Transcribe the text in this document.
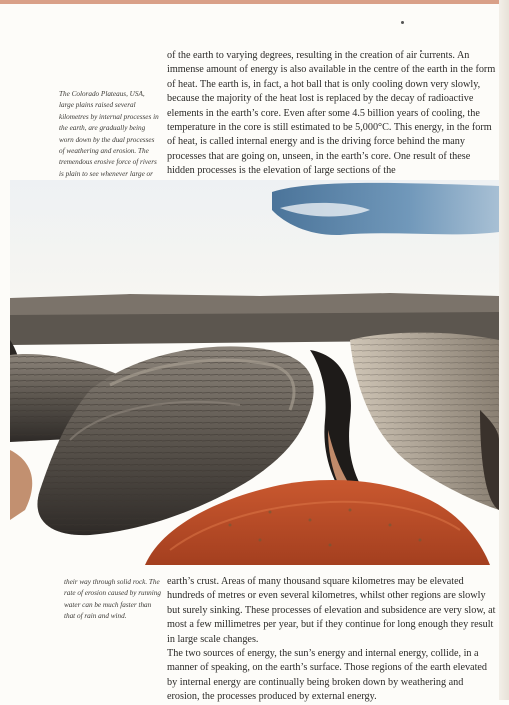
The Colorado Plateaus, USA, large plains raised several kilometres by internal processes in the earth, are gradually being worn down by the dual processes of weathering and erosion. The tremendous erosive force of rivers is plain to see whenever large or

of the earth to varying degrees, resulting in the creation of air currents. An immense amount of energy is also available in the centre of the earth in the form of heat. The earth is, in fact, a hot ball that is only cooling down very slowly, because the majority of the heat lost is replaced by the decay of radioactive elements in the earth’s core. Even after some 4.5 billion years of cooling, the temperature in the core is still estimated to be 5,000°C. This energy, in the form of heat, is called internal energy and is the driving force behind the many processes that are going on, unseen, in the earth’s core. One result of these hidden processes is the elevation of large sections of the

their way through solid rock. The rate of erosion caused by running water can be much faster than that of rain and wind.

earth’s crust. Areas of many thousand square kilometres may be elevated hundreds of metres or even several kilometres, whilst other regions are slowly but surely sinking. These processes of elevation and subsidence are very slow, at most a few millimetres per year, but if they continue for long enough they result in large scale changes.

The two sources of energy, the sun’s energy and internal energy, collide, in a manner of speaking, on the earth’s surface. Those regions of the earth elevated by internal energy are continually being broken down by weathering and erosion, the processes produced by external energy.
